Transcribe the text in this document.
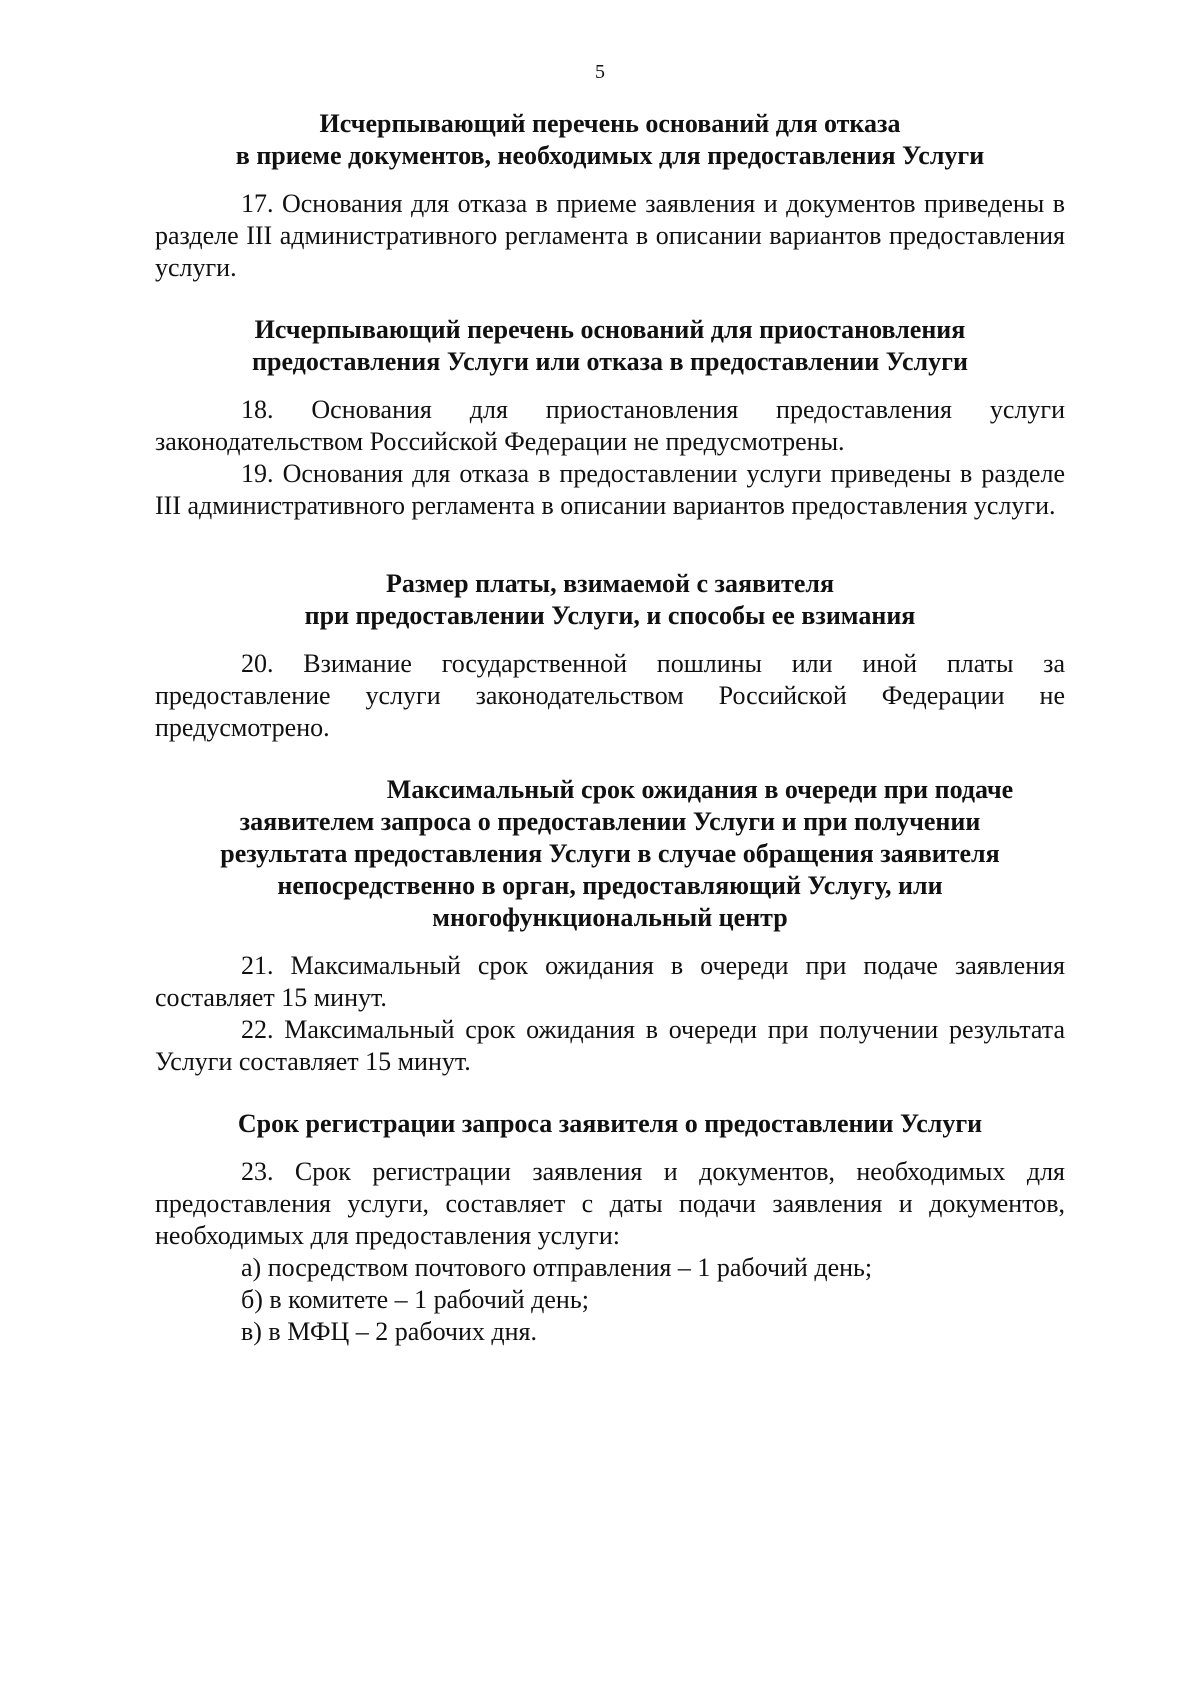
5
Исчерпывающий перечень оснований для отказа
в приеме документов, необходимых для предоставления Услуги

17. Основания для отказа в приеме заявления и документов приведены в разделе III административного регламента в описании вариантов предоставления услуги.

Исчерпывающий перечень оснований для приостановления
предоставления Услуги или отказа в предоставлении Услуги

18. Основания для приостановления предоставления услуги законодательством Российской Федерации не предусмотрены.

19. Основания для отказа в предоставлении услуги приведены в разделе III административного регламента в описании вариантов предоставления услуги.

Размер платы, взимаемой с заявителя
при предоставлении Услуги, и способы ее взимания

20. Взимание государственной пошлины или иной платы за предоставление услуги законодательством Российской Федерации не предусмотрено.

Максимальный срок ожидания в очереди при подаче
заявителем запроса о предоставлении Услуги и при получении
результата предоставления Услуги в случае обращения заявителя
непосредственно в орган, предоставляющий Услугу, или
многофункциональный центр

21. Максимальный срок ожидания в очереди при подаче заявления составляет 15 минут.

22. Максимальный срок ожидания в очереди при получении результата Услуги составляет 15 минут.

Срок регистрации запроса заявителя о предоставлении Услуги

23. Срок регистрации заявления и документов, необходимых для предоставления услуги, составляет с даты подачи заявления и документов, необходимых для предоставления услуги:

а) посредством почтового отправления – 1 рабочий день;

б) в комитете – 1 рабочий день;

в) в МФЦ – 2 рабочих дня.
